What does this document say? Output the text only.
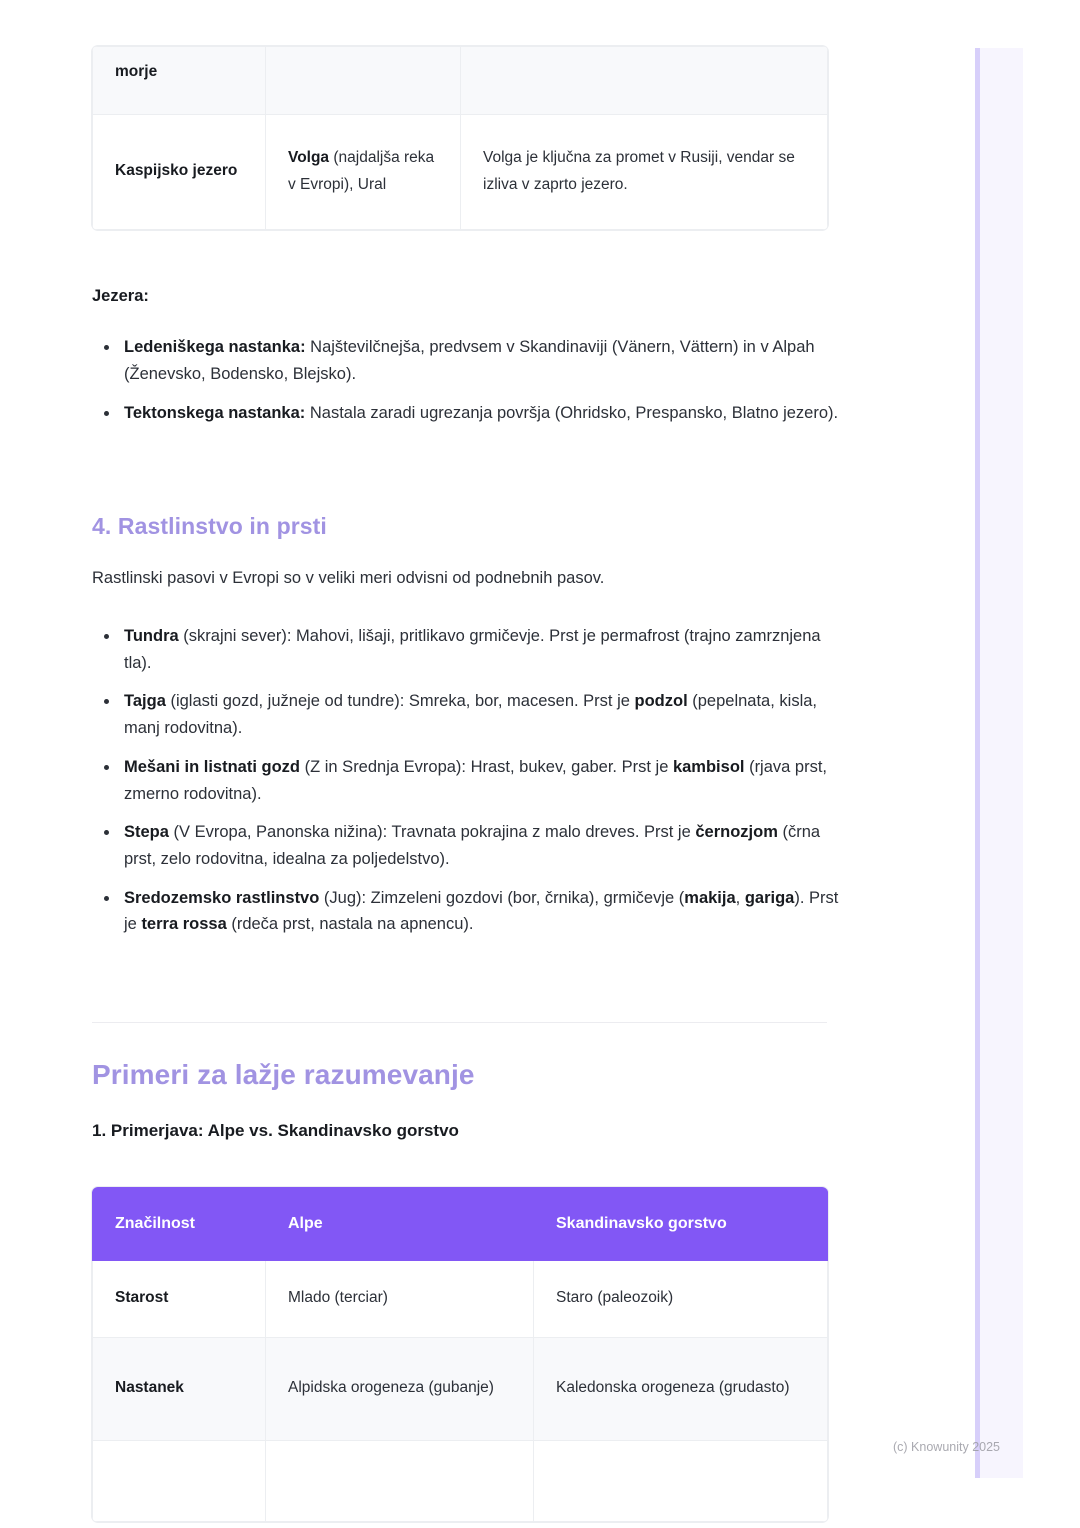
morje		
Kaspijsko jezero	Volga (najdaljša reka v Evropi), Ural	Volga je ključna za promet v Rusiji, vendar se izliva v zaprto jezero.
Jezera:
Ledeniškega nastanka: Najštevilčnejša, predvsem v Skandinaviji (Vänern, Vättern) in v Alpah (Ženevsko, Bodensko, Blejsko).
Tektonskega nastanka: Nastala zaradi ugrezanja površja (Ohridsko, Prespansko, Blatno jezero).
4. Rastlinstvo in prsti
Rastlinski pasovi v Evropi so v veliki meri odvisni od podnebnih pasov.
Tundra (skrajni sever): Mahovi, lišaji, pritlikavo grmičevje. Prst je permafrost (trajno zamrznjena tla).
Tajga (iglasti gozd, južneje od tundre): Smreka, bor, macesen. Prst je podzol (pepelnata, kisla, manj rodovitna).
Mešani in listnati gozd (Z in Srednja Evropa): Hrast, bukev, gaber. Prst je kambisol (rjava prst, zmerno rodovitna).
Stepa (V Evropa, Panonska nižina): Travnata pokrajina z malo dreves. Prst je černozjom (črna prst, zelo rodovitna, idealna za poljedelstvo).
Sredozemsko rastlinstvo (Jug): Zimzeleni gozdovi (bor, črnika), grmičevje (makija, gariga). Prst je terra rossa (rdeča prst, nastala na apnencu).
Primeri za lažje razumevanje
1. Primerjava: Alpe vs. Skandinavsko gorstvo
Značilnost	Alpe	Skandinavsko gorstvo
Starost	Mlado (terciar)	Staro (paleozoik)
Nastanek	Alpidska orogeneza (gubanje)	Kaledonska orogeneza (grudasto)

(c) Knowunity 2025
